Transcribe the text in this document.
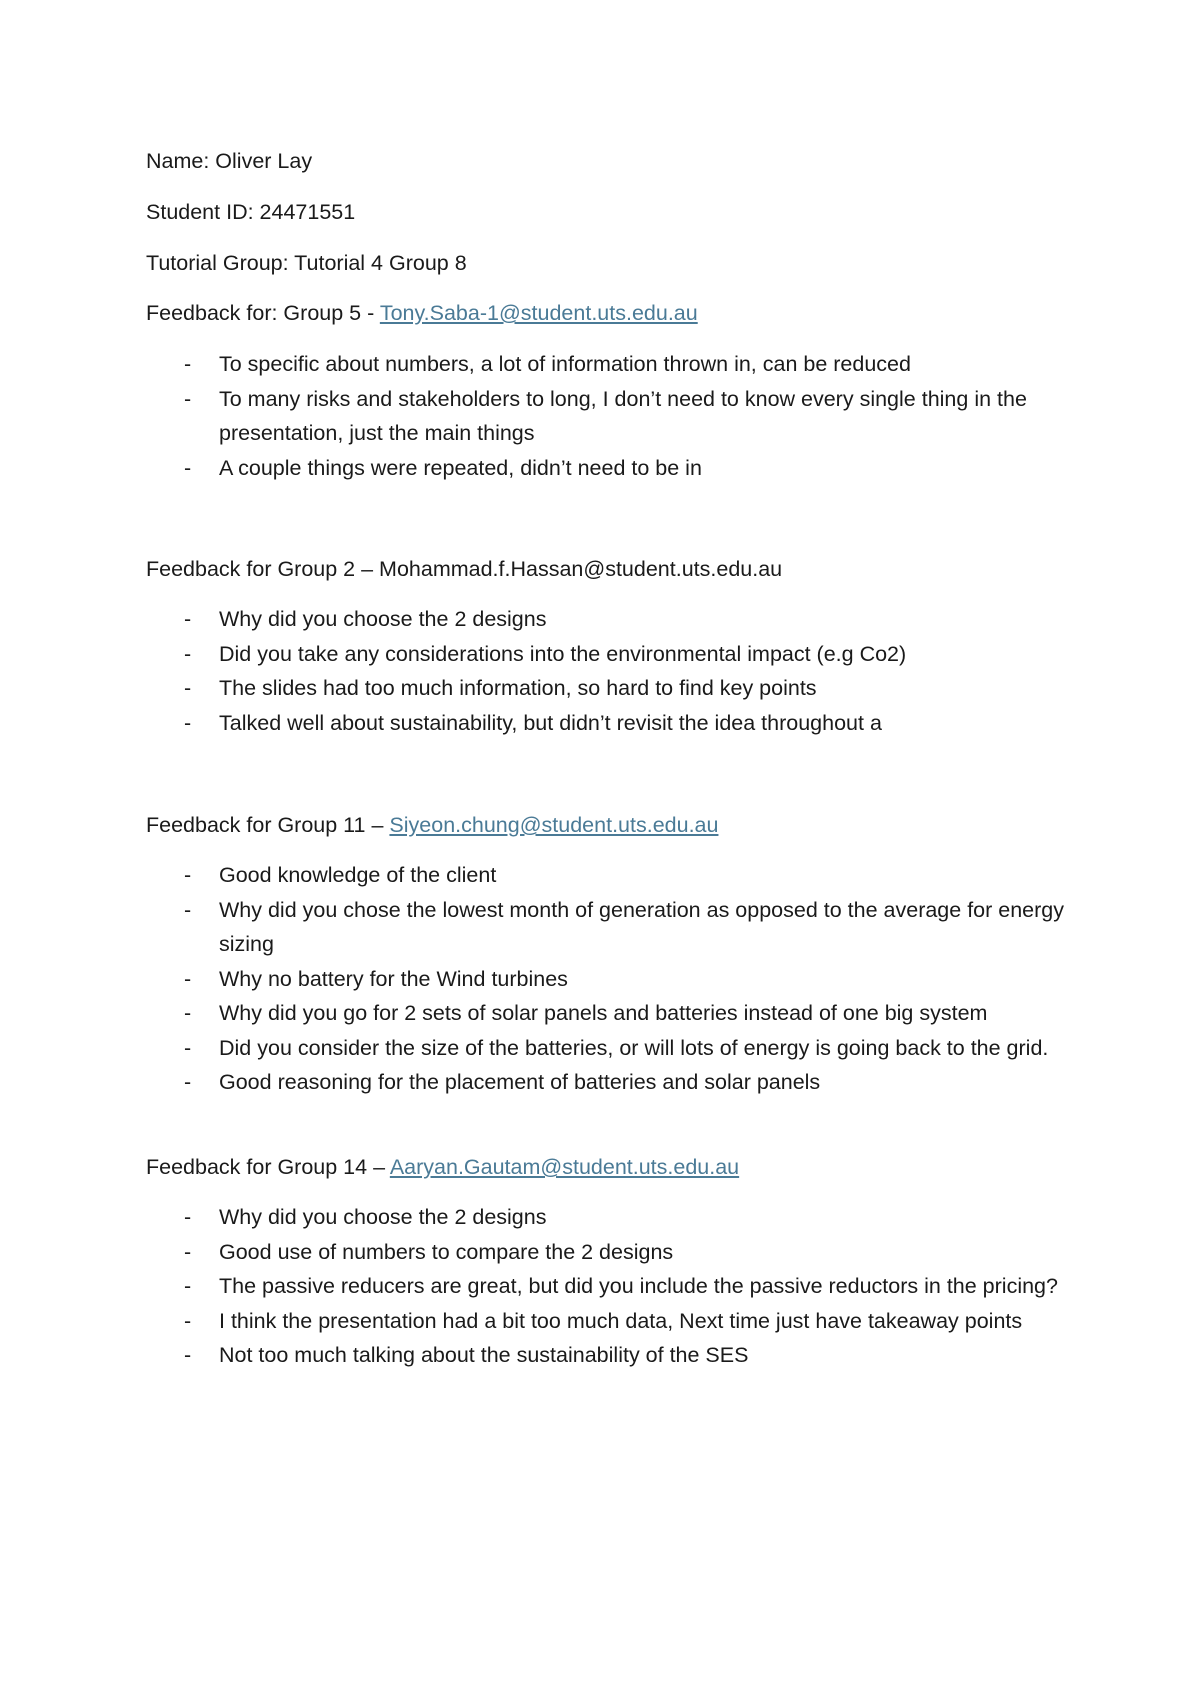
Name: Oliver Lay
Student ID: 24471551
Tutorial Group: Tutorial 4 Group 8
Feedback for: Group 5 - Tony.Saba-1@student.uts.edu.au
- To specific about numbers, a lot of information thrown in, can be reduced
- To many risks and stakeholders to long, I don’t need to know every single thing in the presentation, just the main things
- A couple things were repeated, didn’t need to be in
Feedback for Group 2 – Mohammad.f.Hassan@student.uts.edu.au
- Why did you choose the 2 designs
- Did you take any considerations into the environmental impact (e.g Co2)
- The slides had too much information, so hard to find key points
- Talked well about sustainability, but didn’t revisit the idea throughout a
Feedback for Group 11 – Siyeon.chung@student.uts.edu.au
- Good knowledge of the client
- Why did you chose the lowest month of generation as opposed to the average for energy sizing
- Why no battery for the Wind turbines
- Why did you go for 2 sets of solar panels and batteries instead of one big system
- Did you consider the size of the batteries, or will lots of energy is going back to the grid.
- Good reasoning for the placement of batteries and solar panels
Feedback for Group 14 – Aaryan.Gautam@student.uts.edu.au
- Why did you choose the 2 designs
- Good use of numbers to compare the 2 designs
- The passive reducers are great, but did you include the passive reductors in the pricing?
- I think the presentation had a bit too much data, Next time just have takeaway points
- Not too much talking about the sustainability of the SES
